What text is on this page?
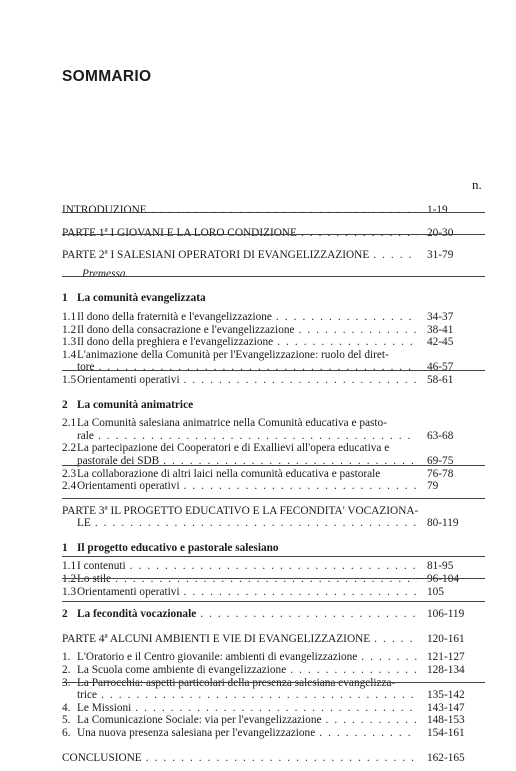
SOMMARIO
n.
INTRODUZIONE . . .	1-19
PARTE 1ª I GIOVANI E LA LORO CONDIZIONE . . .	20-30
PARTE 2ª I SALESIANI OPERATORI DI EVANGELIZZAZIONE . . .	31-79
Premessa.
1 La comunità evangelizzata
1.1 Il dono della fraternità e l'evangelizzazione . . .	34-37
1.2 Il dono della consacrazione e l'evangelizzazione . . .	38-41
1.3 Il dono della preghiera e l'evangelizzazione . . .	42-45
1.4 L'animazione della Comunità per l'Evangelizzazione: ruolo del diret-
tore . . .	46-57
1.5 Orientamenti operativi . . .	58-61
2 La comunità animatrice
2.1 La Comunità salesiana animatrice nella Comunità educativa e pasto-
rale . . .	63-68
2.2 La partecipazione dei Cooperatori e di Exallievi all'opera educativa e
pastorale dei SDB . . .	69-75
2.3 La collaborazione di altri laici nella comunità educativa e pastorale	76-78
2.4 Orientamenti operativi . . .	79
PARTE 3ª IL PROGETTO EDUCATIVO E LA FECONDITA' VOCAZIONA-
LE . . .	80-119
1 Il progetto educativo e pastorale salesiano
1.1 I contenuti . . .	81-95
1.2 Lo stile . . .	96-104
1.3 Orientamenti operativi . . .	105
2 La fecondità vocazionale . . .	106-119
PARTE 4ª ALCUNI AMBIENTI E VIE DI EVANGELIZZAZIONE . . .	120-161
1. L'Oratorio e il Centro giovanile: ambienti di evangelizzazione . . .	121-127
2. La Scuola come ambiente di evangelizzazione . . .	128-134
3. La Parrocchia: aspetti particolari della presenza salesiana evangelizza-
trice . . .	135-142
4. Le Missioni . . .	143-147
5. La Comunicazione Sociale: via per l'evangelizzazione . . .	148-153
6. Una nuova presenza salesiana per l'evangelizzazione . . .	154-161
CONCLUSIONE . . .	162-165
